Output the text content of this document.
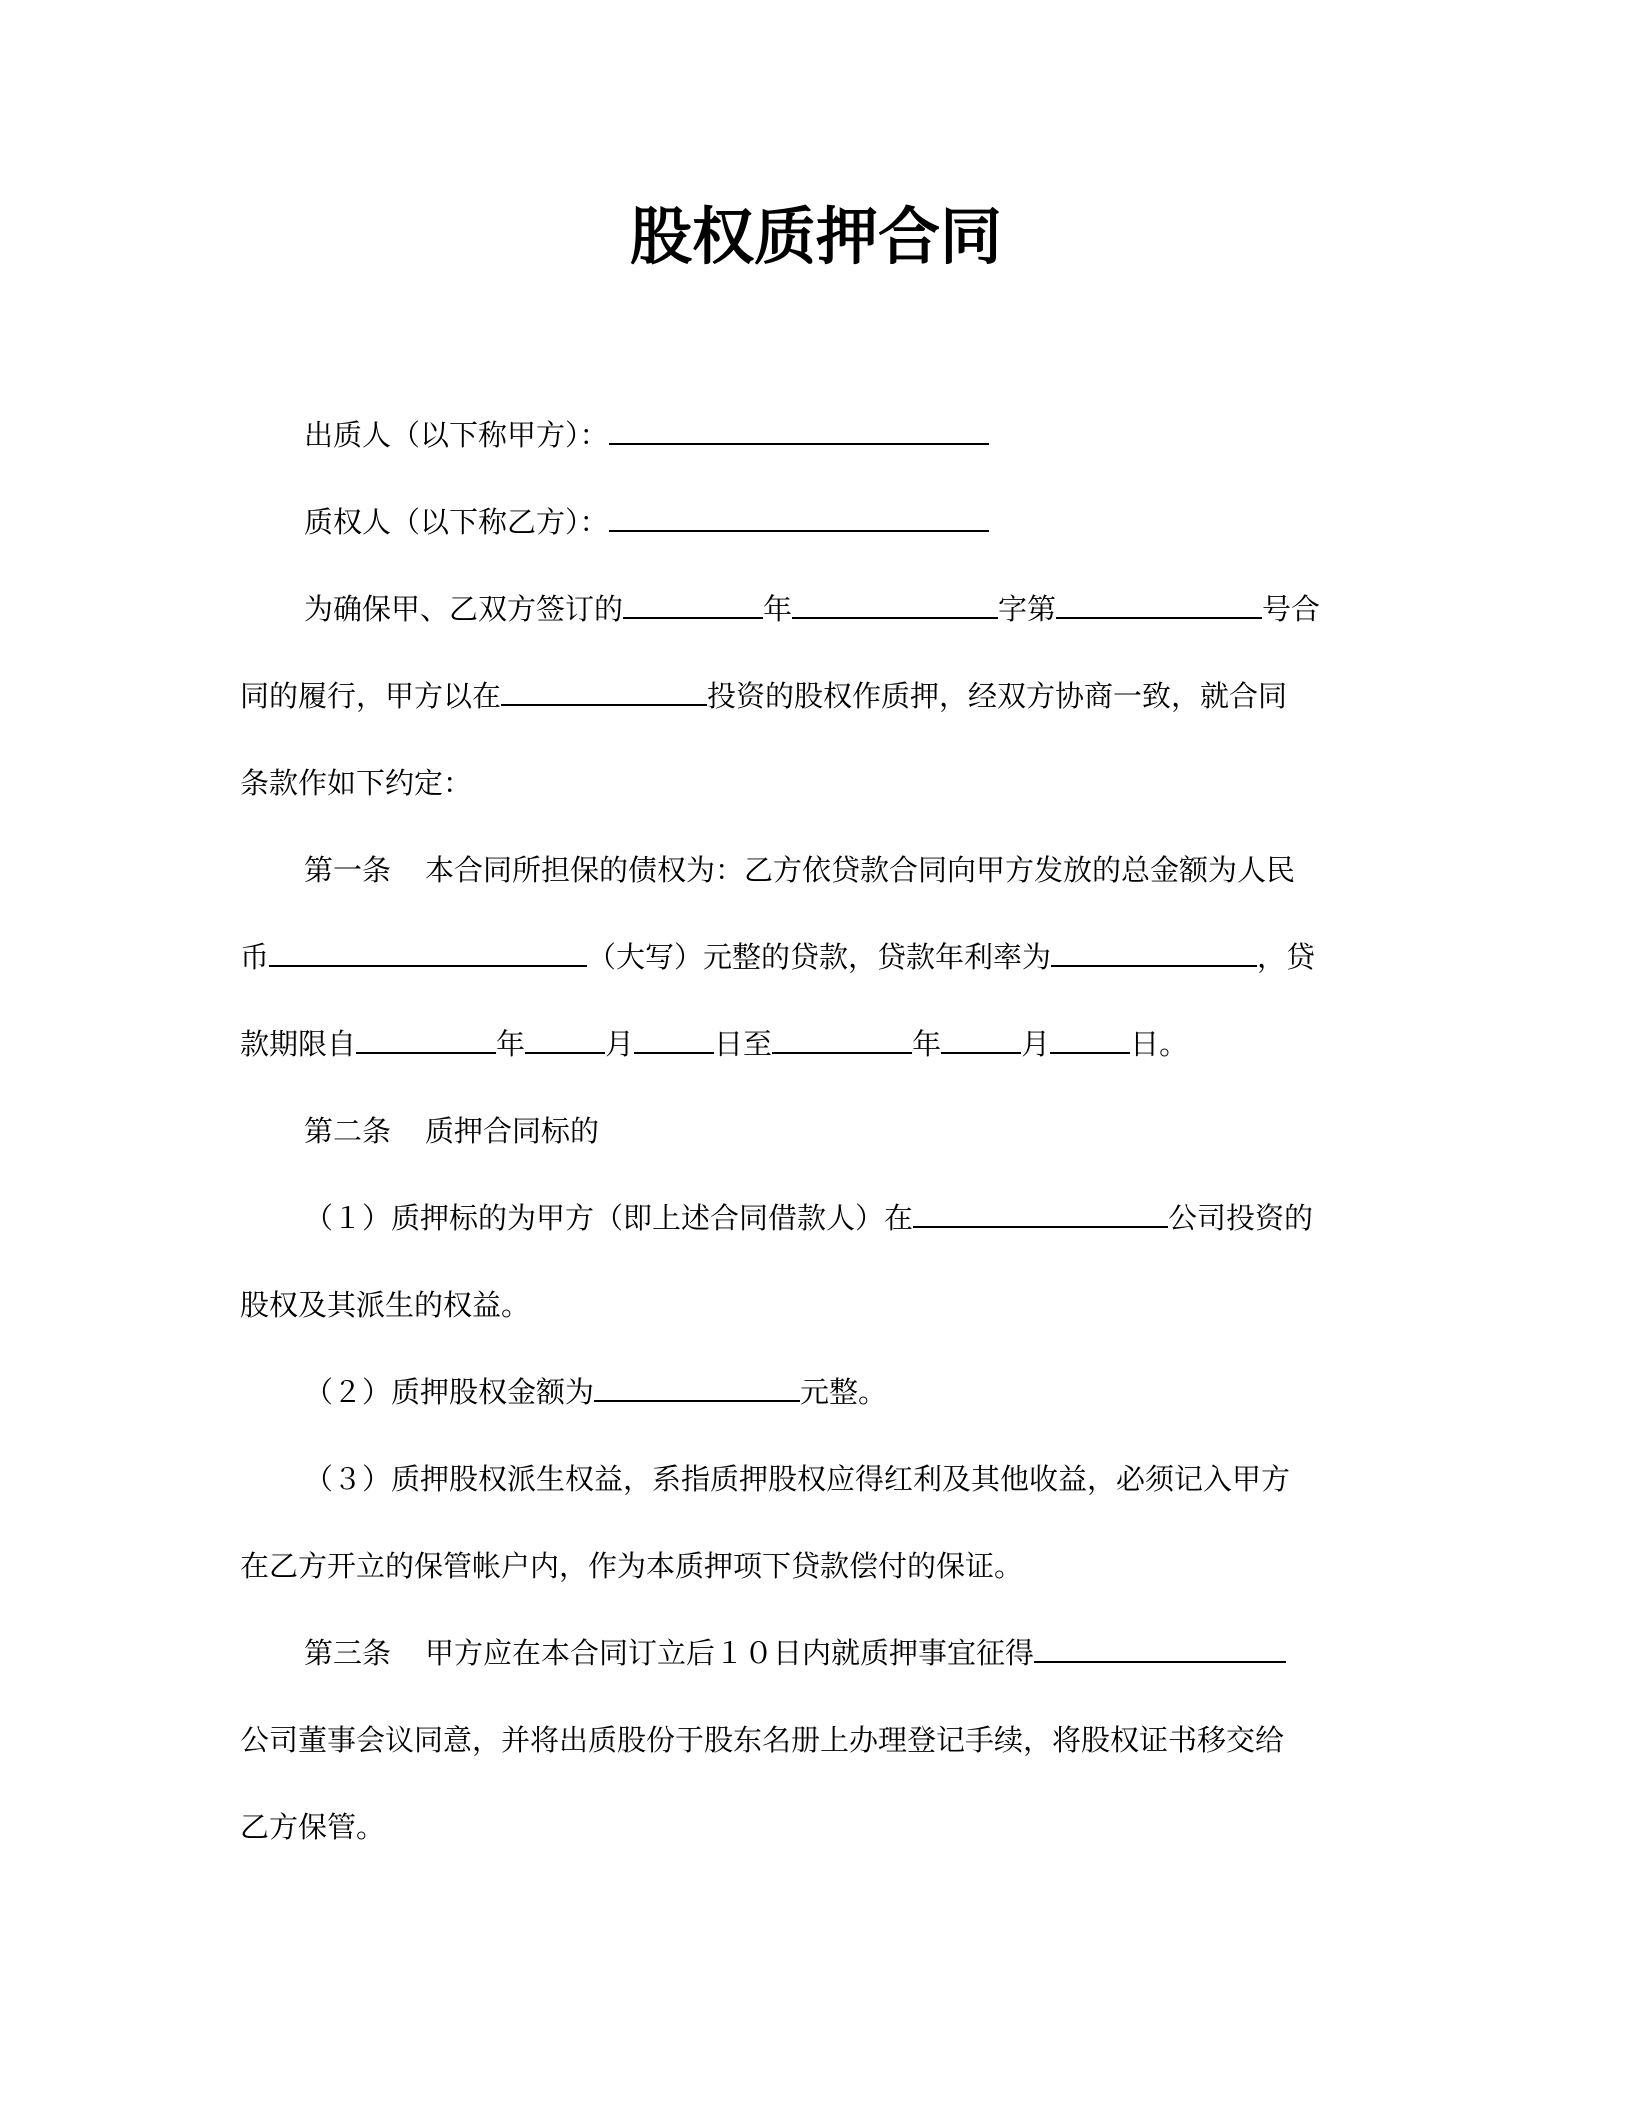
股权质押合同

出质人（以下称甲方）：

质权人（以下称乙方）：

为确保甲、乙双方签订的	年	字第	号合

同的履行，甲方以在	投资的股权作质押，经双方协商一致，就合同

条款作如下约定：

第一条 本合同所担保的债权为：乙方依贷款合同向甲方发放的总金额为人民

币	（大写）元整的贷款，贷款年利率为	，贷

款期限自	年	月	日至	年	月	日。

第二条 质押合同标的

（１）质押标的为甲方（即上述合同借款人）在	公司投资的

股权及其派生的权益。

（２）质押股权金额为	元整。

（３）质押股权派生权益，系指质押股权应得红利及其他收益，必须记入甲方

在乙方开立的保管帐户内，作为本质押项下贷款偿付的保证。

第三条 甲方应在本合同订立后１０日内就质押事宜征得

公司董事会议同意，并将出质股份于股东名册上办理登记手续，将股权证书移交给

乙方保管。
